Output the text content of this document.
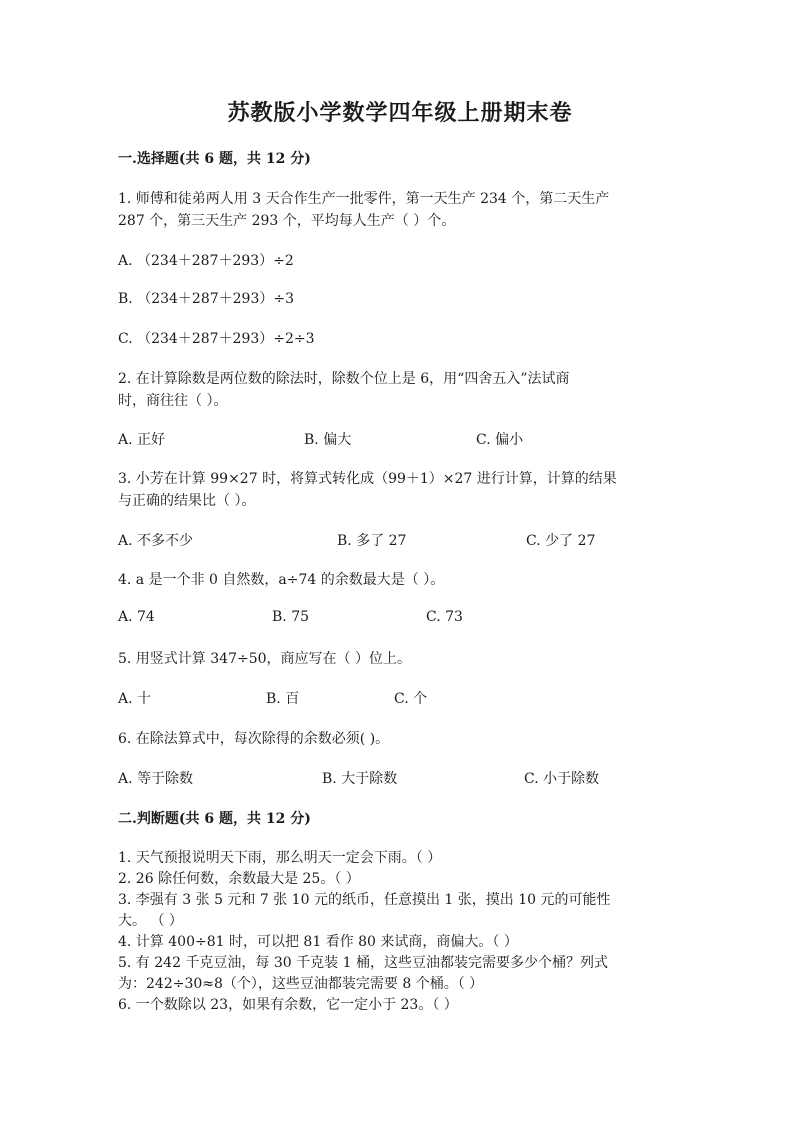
苏教版小学数学四年级上册期末卷
一.选择题(共 6 题，共 12 分)
1. 师傅和徒弟两人用 3 天合作生产一批零件，第一天生产 234 个，第二天生产
287 个，第三天生产 293 个，平均每人生产（ ）个。
A. （234＋287＋293）÷2
B. （234＋287＋293）÷3
C. （234＋287＋293）÷2÷3
2. 在计算除数是两位数的除法时，除数个位上是 6，用“四舍五入”法试商
时，商往往（ ）。
A. 正好	B. 偏大	C. 偏小
3. 小芳在计算 99×27 时，将算式转化成（99＋1）×27 进行计算，计算的结果
与正确的结果比（ ）。
A. 不多不少	B. 多了 27	C. 少了 27
4. a 是一个非 0 自然数，a÷74 的余数最大是（ ）。
A. 74	B. 75	C. 73
5. 用竖式计算 347÷50，商应写在（ ）位上。
A. 十	B. 百	C. 个
6. 在除法算式中，每次除得的余数必须( )。
A. 等于除数	B. 大于除数	C. 小于除数
二.判断题(共 6 题，共 12 分)
1. 天气预报说明天下雨，那么明天一定会下雨。（ ）
2. 26 除任何数，余数最大是 25。（ ）
3. 李强有 3 张 5 元和 7 张 10 元的纸币，任意摸出 1 张，摸出 10 元的可能性
大。 （ ）
4. 计算 400÷81 时，可以把 81 看作 80 来试商，商偏大。（ ）
5. 有 242 千克豆油，每 30 千克装 1 桶，这些豆油都装完需要多少个桶？列式
为：242÷30≈8（个），这些豆油都装完需要 8 个桶。（ ）
6. 一个数除以 23，如果有余数，它一定小于 23。（ ）
